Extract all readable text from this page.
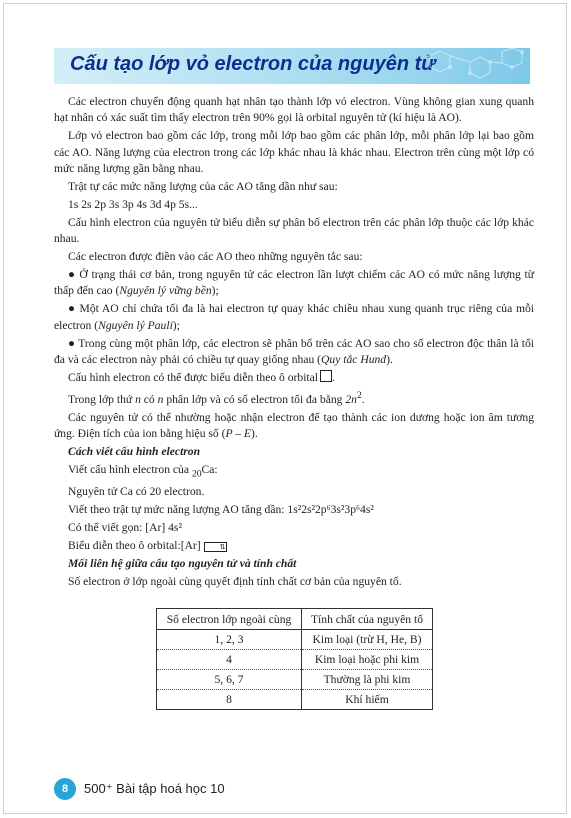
Cấu tạo lớp vỏ electron của nguyên tử

Các electron chuyển động quanh hạt nhân tạo thành lớp vỏ electron. Vùng không gian xung quanh hạt nhân có xác suất tìm thấy electron trên 90% gọi là orbital nguyên tử (kí hiệu là AO).

Lớp vỏ electron bao gồm các lớp, trong mỗi lớp bao gồm các phân lớp, mỗi phân lớp lại bao gồm các AO. Năng lượng của electron trong các lớp khác nhau là khác nhau. Electron trên cùng một lớp có mức năng lượng gần bằng nhau.

Trật tự các mức năng lượng của các AO tăng dần như sau:

1s 2s 2p 3s 3p 4s 3d 4p 5s...

Cấu hình electron của nguyên tử biểu diễn sự phân bố electron trên các phân lớp thuộc các lớp khác nhau.

Các electron được điền vào các AO theo những nguyên tắc sau:

● Ở trạng thái cơ bản, trong nguyên tử các electron lần lượt chiếm các AO có mức năng lượng từ thấp đến cao (Nguyên lý vững bền);

● Một AO chỉ chứa tối đa là hai electron tự quay khác chiều nhau xung quanh trục riêng của mỗi electron (Nguyên lý Pauli);

● Trong cùng một phân lớp, các electron sẽ phân bố trên các AO sao cho số electron độc thân là tối đa và các electron này phải có chiều tự quay giống nhau (Quy tắc Hund).

Cấu hình electron có thể được biểu diễn theo ô orbital .

Trong lớp thứ n có n phân lớp và có số electron tối đa bằng $2n^2$.

Các nguyên tử có thể nhường hoặc nhận electron để tạo thành các ion dương hoặc ion âm tương ứng. Điện tích của ion bằng hiệu số (P – E).

Cách viết cấu hình electron

Viết cấu hình electron của $_{20}$Ca:

Nguyên tử Ca có 20 electron.

Viết theo trật tự mức năng lượng AO tăng dần: 1s²2s²2p⁶3s²3p⁶4s²

Có thể viết gọn: [Ar] 4s²

Biểu diễn theo ô orbital:[Ar]	⇅

Mối liên hệ giữa cấu tạo nguyên tử và tính chất

Số electron ở lớp ngoài cùng quyết định tính chất cơ bản của nguyên tố.

Số electron lớp ngoài cùng	Tính chất của nguyên tố
1, 2, 3	Kim loại (trừ H, He, B)
4	Kim loại hoặc phi kim
5, 6, 7	Thường là phi kim
8	Khí hiếm
8	500⁺ Bài tập hoá học 10
